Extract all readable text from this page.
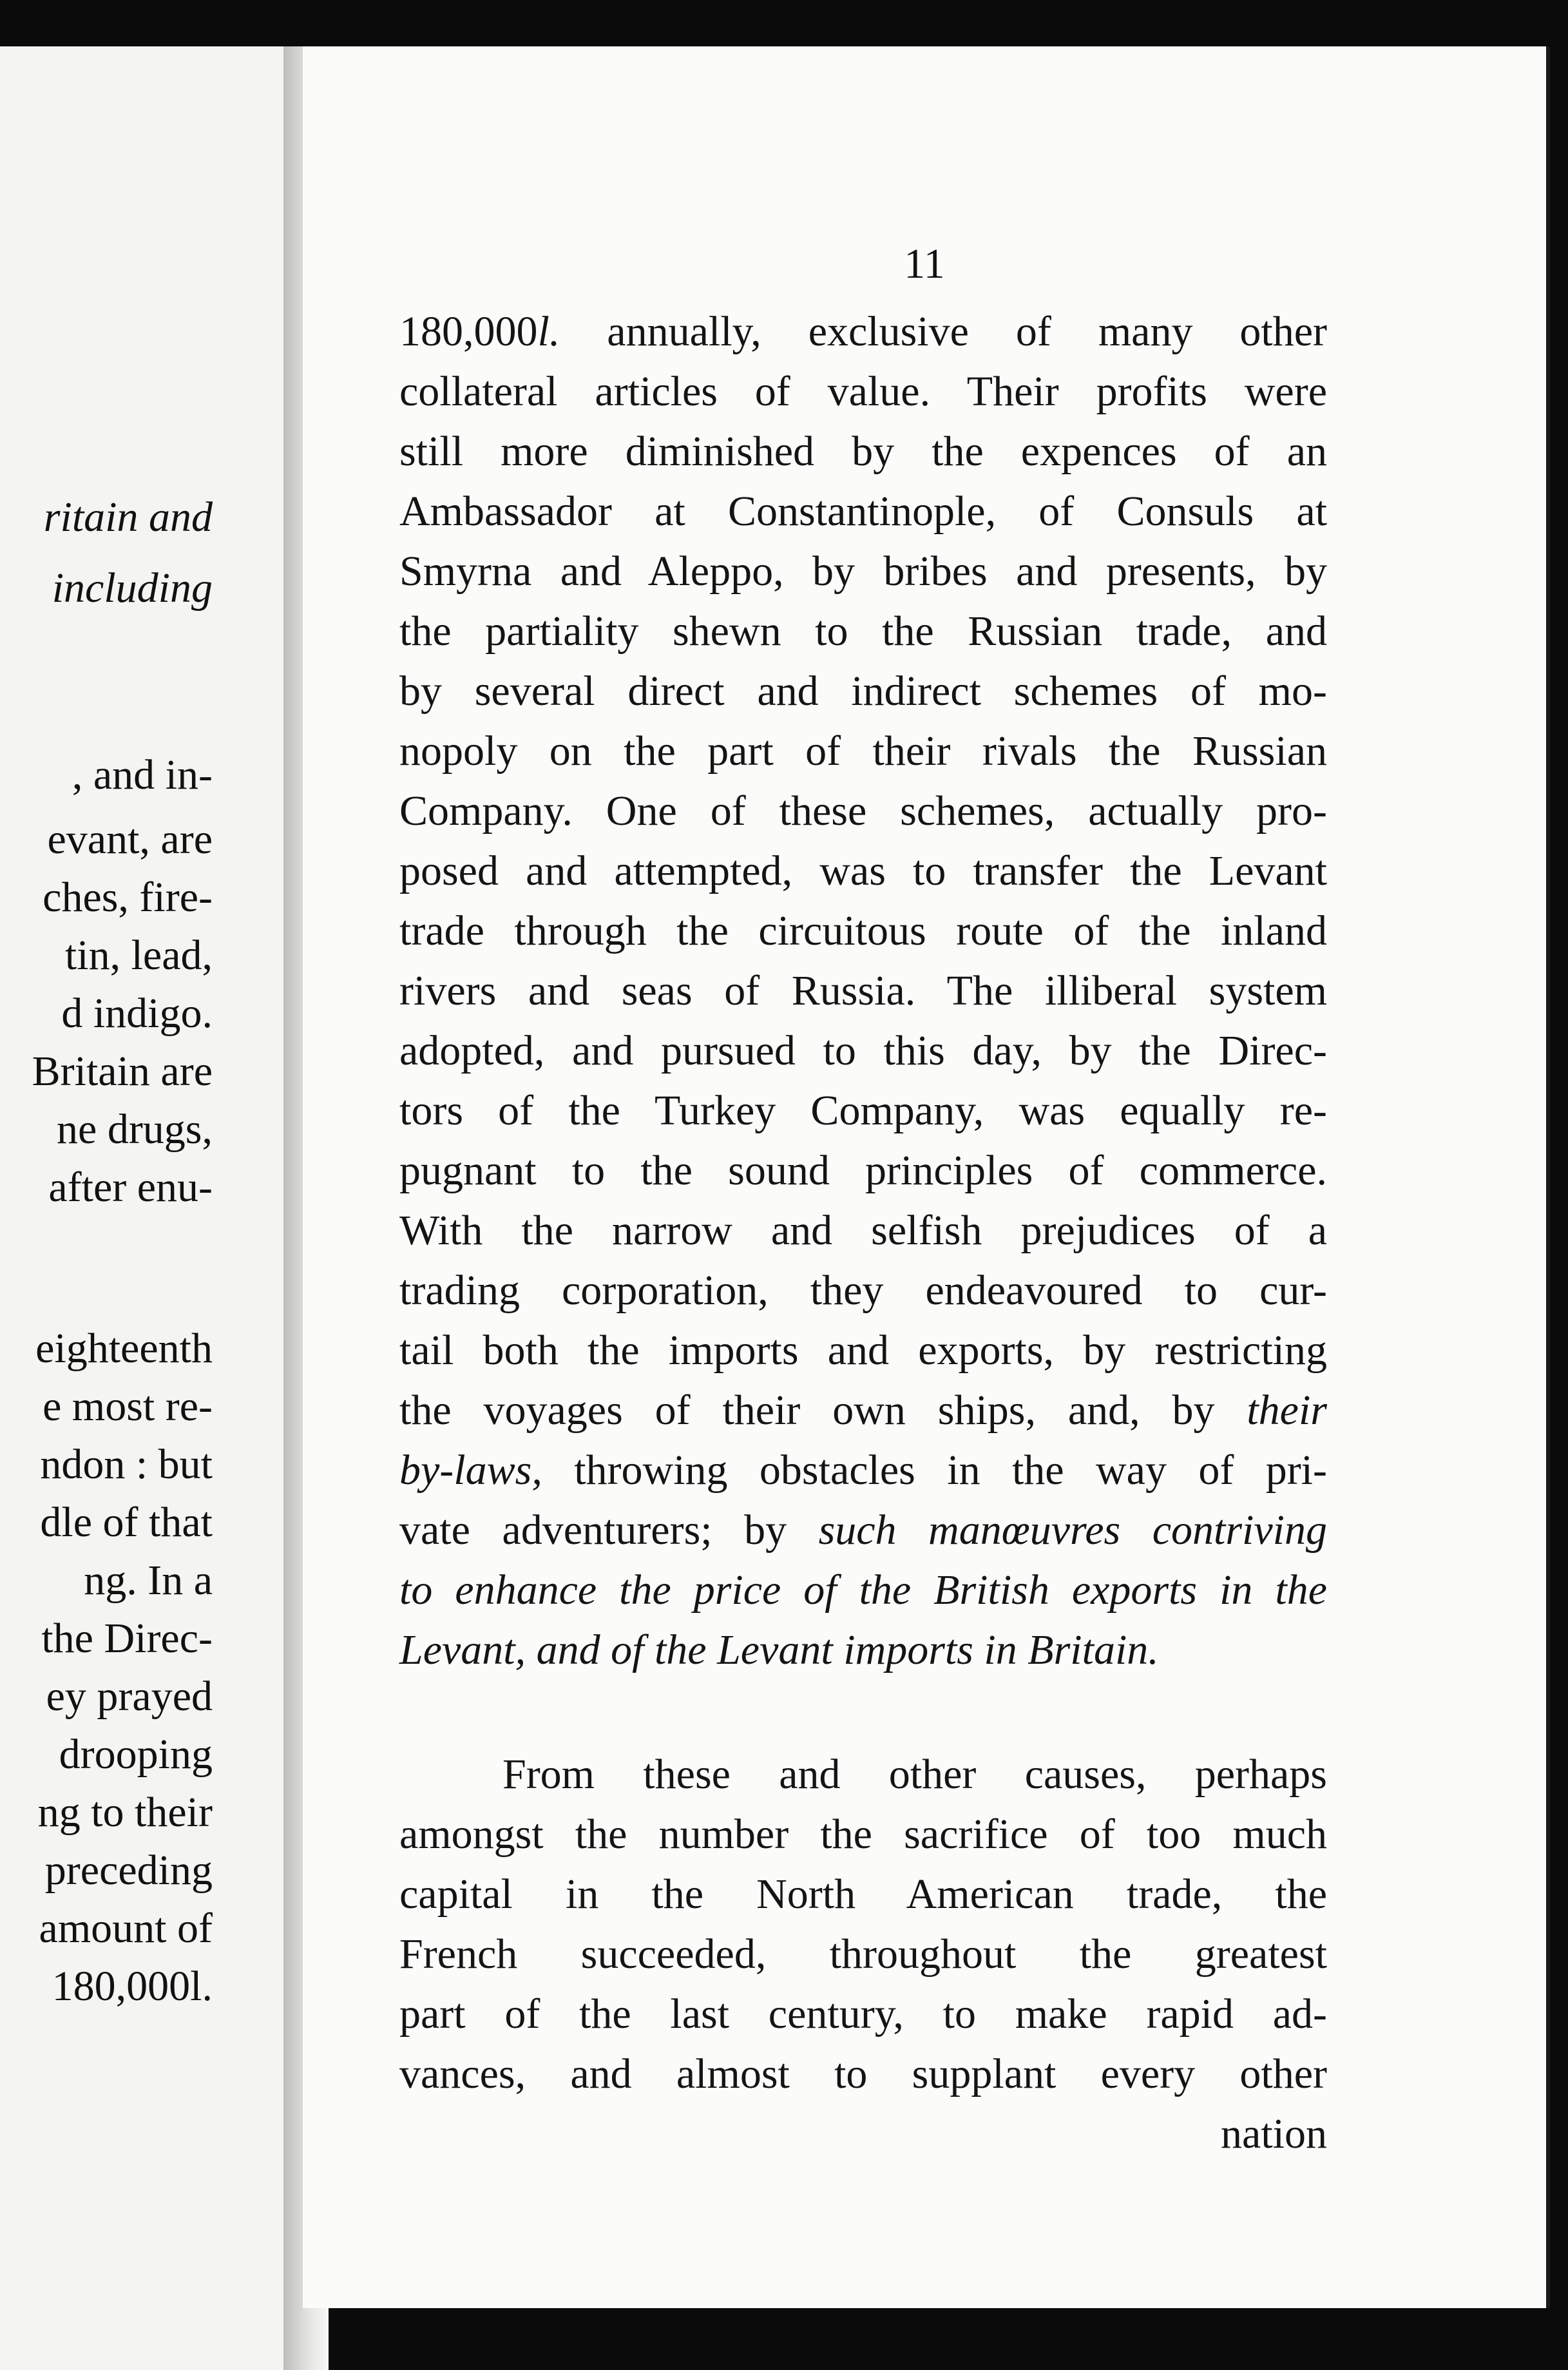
ritain and
including
, and in-
evant, are
ches, fire-
tin, lead,
d indigo.
Britain are
ne drugs,
after enu-
eighteenth
e most re-
ndon : but
dle of that
ng. In a
the Direc-
ey prayed
drooping
ng to their
preceding
amount of
180,000l.
11
180,000l. annually, exclusive of many other
collateral articles of value. Their profits were
still more diminished by the expences of an
Ambassador at Constantinople, of Consuls at
Smyrna and Aleppo, by bribes and presents, by
the partiality shewn to the Russian trade, and
by several direct and indirect schemes of mo-
nopoly on the part of their rivals the Russian
Company. One of these schemes, actually pro-
posed and attempted, was to transfer the Levant
trade through the circuitous route of the inland
rivers and seas of Russia. The illiberal system
adopted, and pursued to this day, by the Direc-
tors of the Turkey Company, was equally re-
pugnant to the sound principles of commerce.
With the narrow and selfish prejudices of a
trading corporation, they endeavoured to cur-
tail both the imports and exports, by restricting
the voyages of their own ships, and, by their
by-laws, throwing obstacles in the way of pri-
vate adventurers; by such manœuvres contriving
to enhance the price of the British exports in the
Levant, and of the Levant imports in Britain.
From these and other causes, perhaps
amongst the number the sacrifice of too much
capital in the North American trade, the
French succeeded, throughout the greatest
part of the last century, to make rapid ad-
vances, and almost to supplant every other
nation
